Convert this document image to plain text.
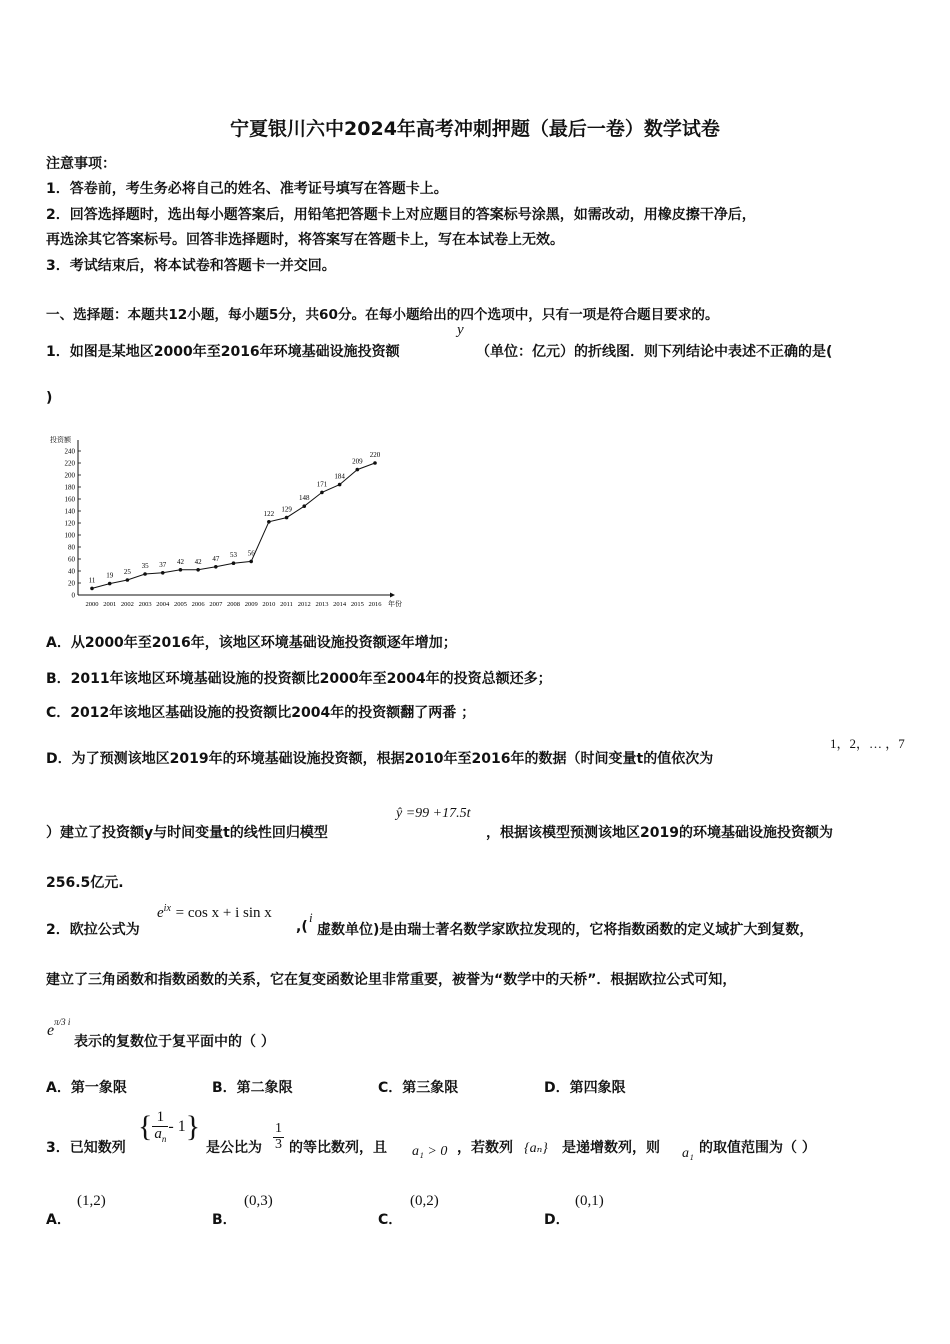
宁夏银川六中2024年高考冲刺押题（最后一卷）数学试卷
注意事项：
1．答卷前，考生务必将自己的姓名、准考证号填写在答题卡上。
2．回答选择题时，选出每小题答案后，用铅笔把答题卡上对应题目的答案标号涂黑，如需改动，用橡皮擦干净后，
再选涂其它答案标号。回答非选择题时，将答案写在答题卡上，写在本试卷上无效。
3．考试结束后，将本试卷和答题卡一并交回。
一、选择题：本题共12小题，每小题5分，共60分。在每小题给出的四个选项中，只有一项是符合题目要求的。
1．如图是某地区2000年至2016年环境基础设施投资额
y
（单位：亿元）的折线图．则下列结论中表述不正确的是(
)
0
20
40
60
80
100
120
140
160
180
200
220
240
2000 2001 2002 2003 2004 2005 2006 2007 2008 2009 2010 2011 2012 2013 2014 2015 2016
11
19 25
35 37 42 42 47 53 56
122
129
148
171
184
209
220
投资额
年份
A．从2000年至2016年，该地区环境基础设施投资额逐年增加；
B．2011年该地区环境基础设施的投资额比2000年至2004年的投资总额还多；
C．2012年该地区基础设施的投资额比2004年的投资额翻了两番 ；
D．为了预测该地区2019年的环境基础设施投资额，根据2010年至2016年的数据（时间变量t的值依次为
1，2，… ，7
）建立了投资额y与时间变量t的线性回归模型
ŷ =99 +17.5t
，根据该模型预测该地区2019的环境基础设施投资额为
256.5亿元.
2．欧拉公式为
$e^{ix} = \cos x + i$ sin x
,(
i
虚数单位)是由瑞士著名数学家欧拉发现的，它将指数函数的定义域扩大到复数，
建立了三角函数和指数函数的关系，它在复变函数论里非常重要，被誉为“数学中的天桥”．根据欧拉公式可知，
$e^{\pi/3 i}$
表示的复数位于复平面中的（ ）
A．第一象限	B．第二象限	C．第三象限	D．第四象限
3．已知数列
{ $\frac{1}{a_n} - 1$}
是公比为 $\frac{1}{3}$ 的等比数列，且 a₁ > 0 ，若数列 {aₙ} 是递增数列，则 a₁ 的取值范围为（ ）
A．
(1,2)
B．
(0,3)
C．
(0,2)
D．
(0,1)
